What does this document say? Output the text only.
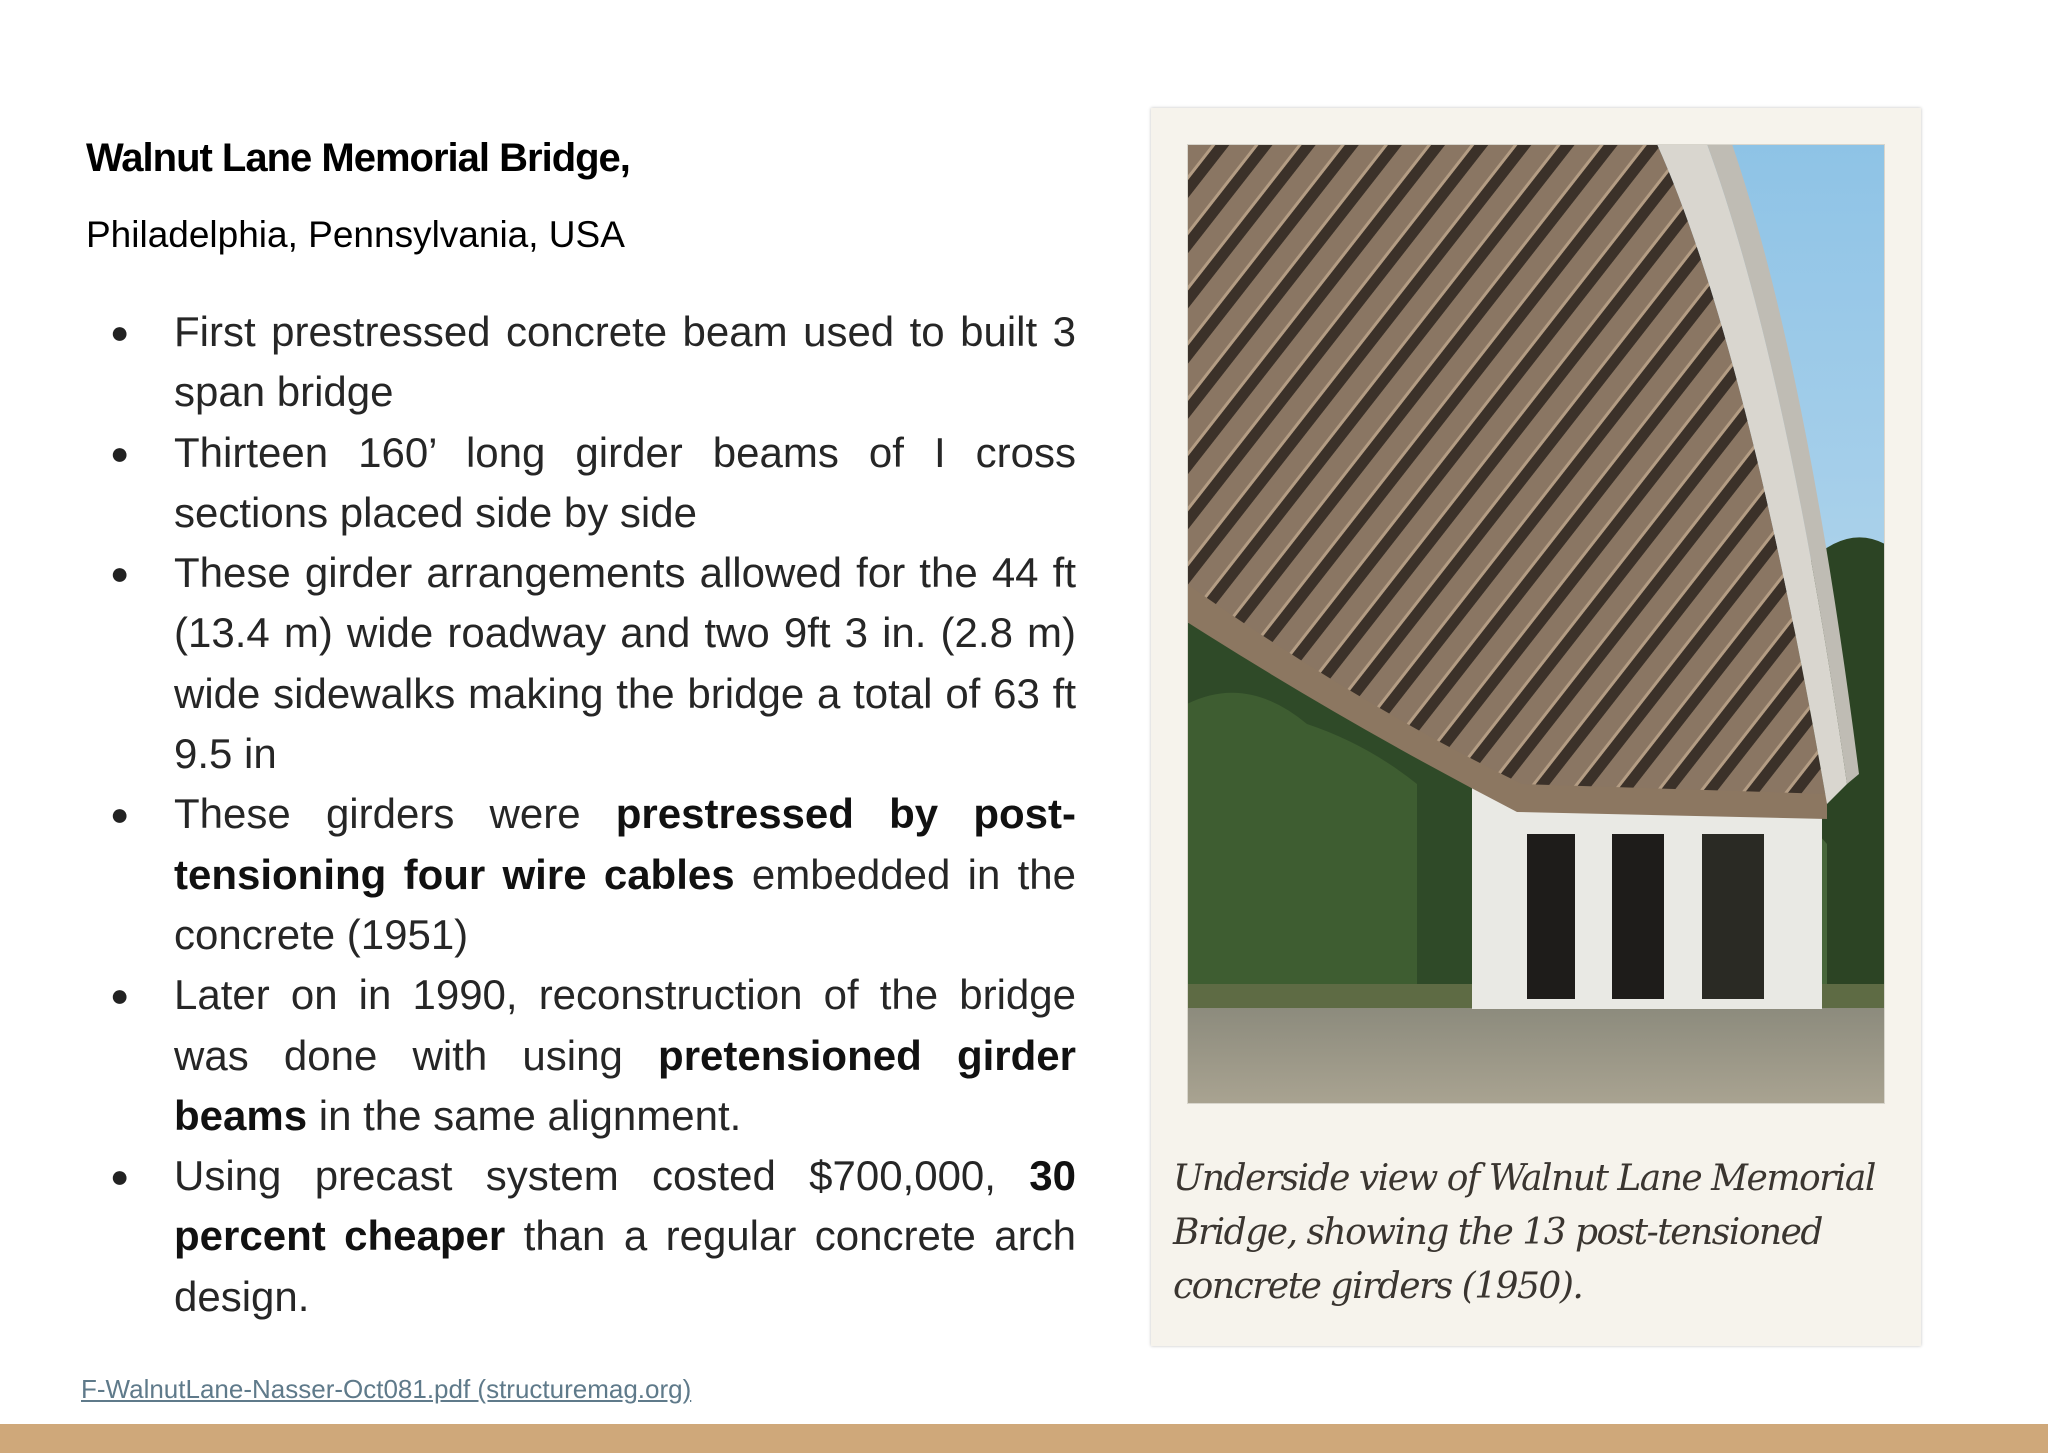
Walnut Lane Memorial Bridge,
Philadelphia, Pennsylvania, USA
● First prestressed concrete beam used to built 3 span bridge
● Thirteen 160’ long girder beams of I cross sections placed side by side
● These girder arrangements allowed for the 44 ft (13.4 m) wide roadway and two 9ft 3 in. (2.8 m) wide sidewalks making the bridge a total of 63 ft 9.5 in
● These girders were prestressed by post-tensioning four wire cables embedded in the concrete (1951)
● Later on in 1990, reconstruction of the bridge was done with using pretensioned girder beams in the same alignment.
● Using precast system costed $700,000, 30 percent cheaper than a regular concrete arch design.
Underside view of Walnut Lane Memorial Bridge, showing the 13 post-tensioned concrete girders (1950).
F-WalnutLane-Nasser-Oct081.pdf (structuremag.org)
